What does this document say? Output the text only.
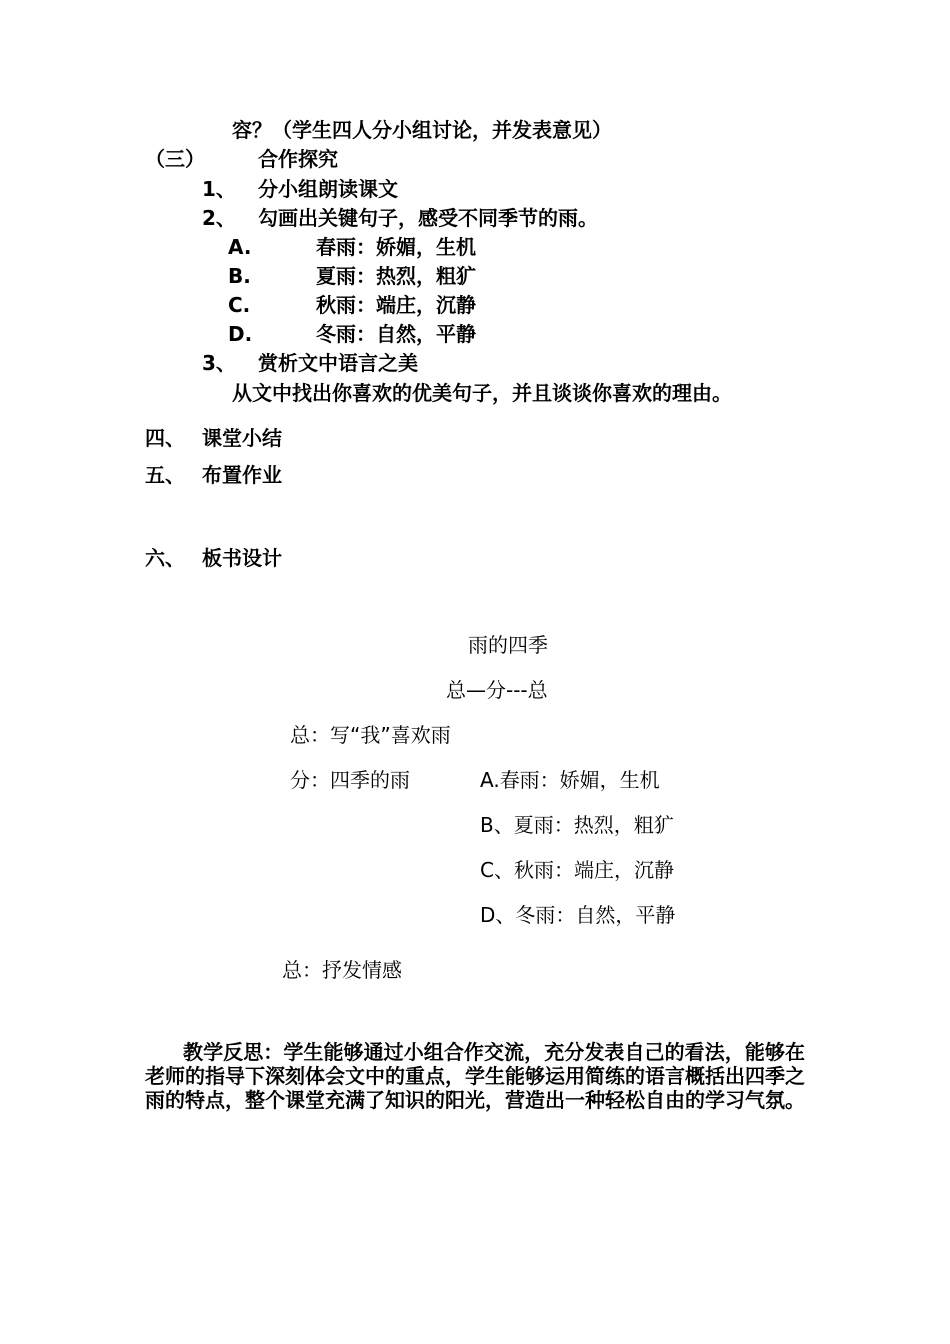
容？（学生四人分小组讨论，并发表意见）
（三）	合作探究
1、 分小组朗读课文
2、 勾画出关键句子，感受不同季节的雨。
A.	春雨：娇媚，生机
B.	夏雨：热烈，粗犷
C.	秋雨：端庄，沉静
D.	冬雨：自然，平静
3、 赏析文中语言之美
从文中找出你喜欢的优美句子，并且谈谈你喜欢的理由。
四、 课堂小结
五、 布置作业
六、 板书设计
雨的四季
总—分---总
总：写“我”喜欢雨
分：四季的雨	A.春雨：娇媚，生机
B、夏雨：热烈，粗犷
C、秋雨：端庄，沉静
D、冬雨：自然，平静
总：抒发情感
教学反思：学生能够通过小组合作交流，充分发表自己的看法，能够在老师的指导下深刻体会文中的重点，学生能够运用简练的语言概括出四季之雨的特点，整个课堂充满了知识的阳光，营造出一种轻松自由的学习气氛。
